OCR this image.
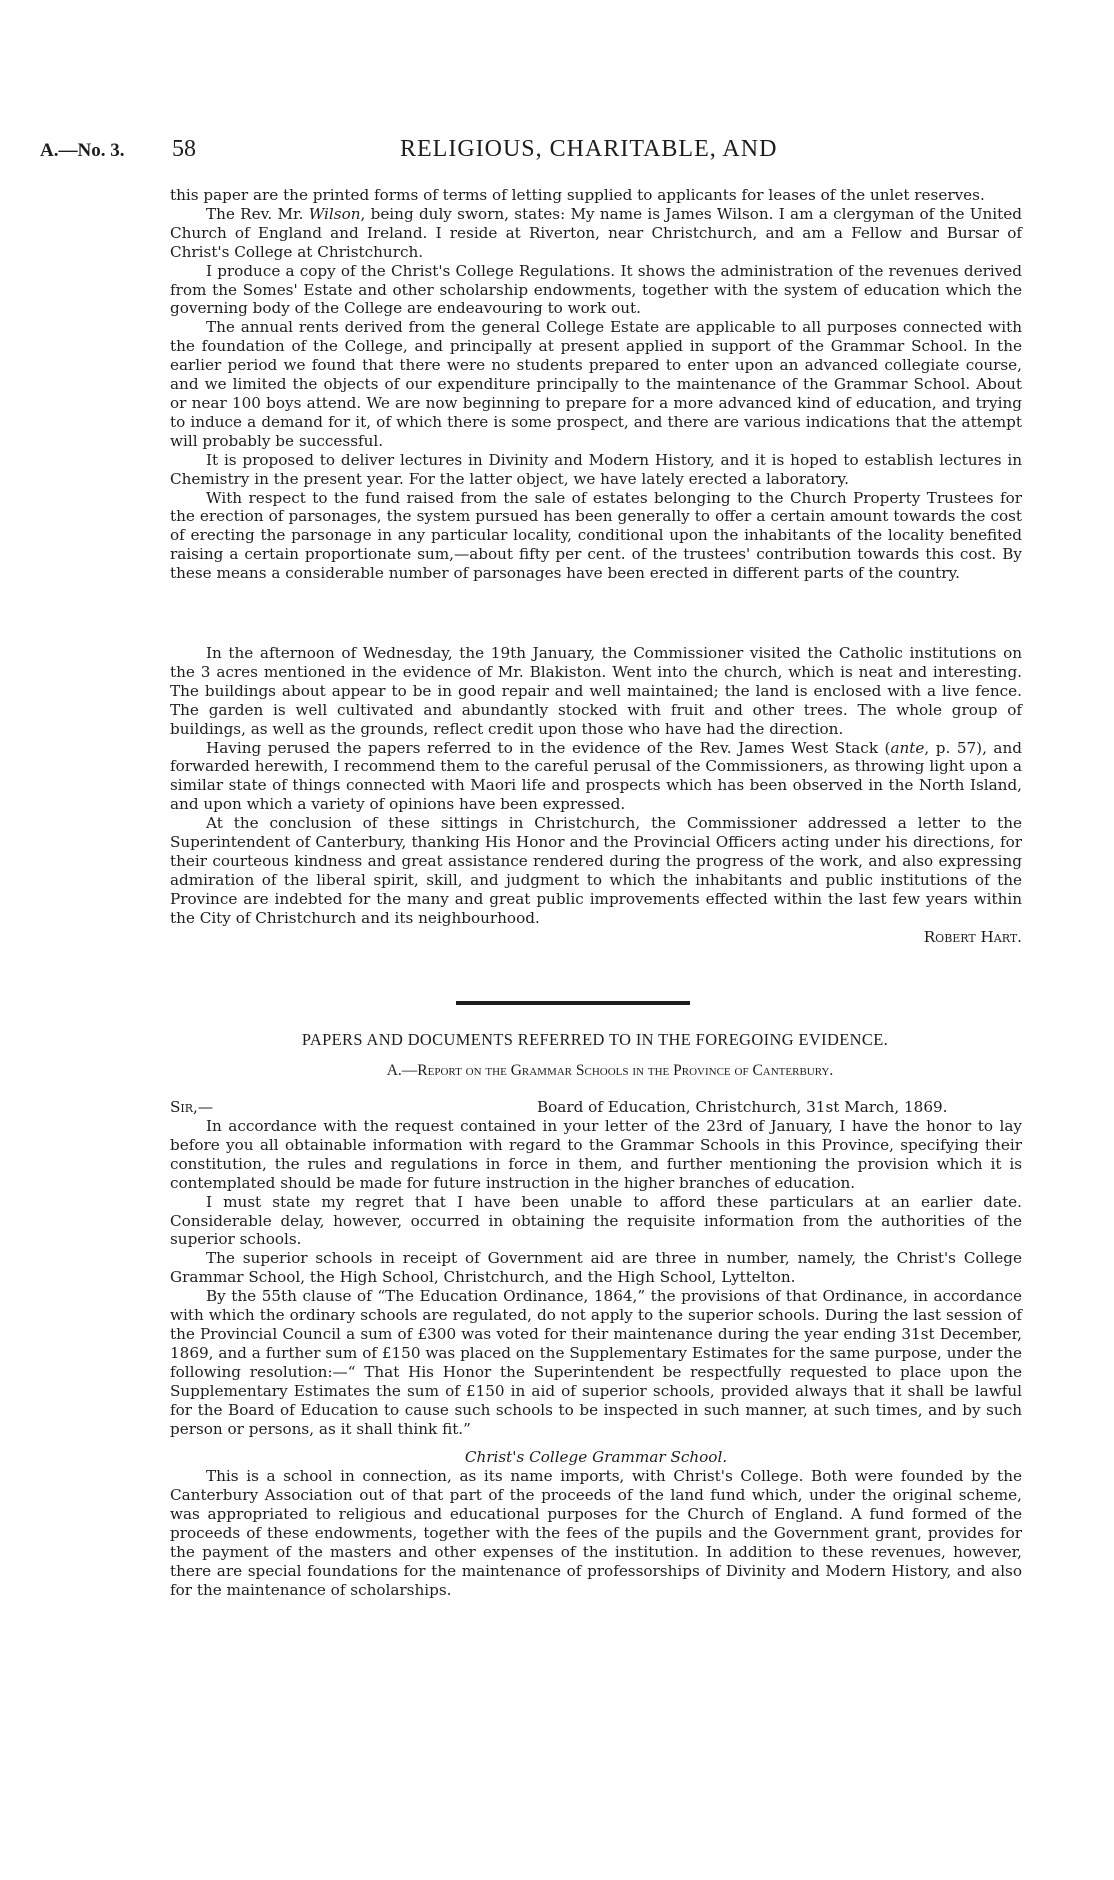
A.—No. 3. 58	RELIGIOUS, CHARITABLE, AND

this paper are the printed forms of terms of letting supplied to applicants for leases of the unlet reserves.

The Rev. Mr. Wilson, being duly sworn, states: My name is James Wilson. I am a clergyman of the United Church of England and Ireland. I reside at Riverton, near Christchurch, and am a Fellow and Bursar of Christ's College at Christchurch.

I produce a copy of the Christ's College Regulations. It shows the administration of the revenues derived from the Somes' Estate and other scholarship endowments, together with the system of education which the governing body of the College are endeavouring to work out.

The annual rents derived from the general College Estate are applicable to all purposes connected with the foundation of the College, and principally at present applied in support of the Grammar School. In the earlier period we found that there were no students prepared to enter upon an advanced collegiate course, and we limited the objects of our expenditure principally to the maintenance of the Grammar School. About or near 100 boys attend. We are now beginning to prepare for a more advanced kind of education, and trying to induce a demand for it, of which there is some prospect, and there are various indications that the attempt will probably be successful.

It is proposed to deliver lectures in Divinity and Modern History, and it is hoped to establish lectures in Chemistry in the present year. For the latter object, we have lately erected a laboratory.

With respect to the fund raised from the sale of estates belonging to the Church Property Trustees for the erection of parsonages, the system pursued has been generally to offer a certain amount towards the cost of erecting the parsonage in any particular locality, conditional upon the inhabitants of the locality benefited raising a certain proportionate sum,—about fifty per cent. of the trustees' contribution towards this cost. By these means a considerable number of parsonages have been erected in different parts of the country.

In the afternoon of Wednesday, the 19th January, the Commissioner visited the Catholic institutions on the 3 acres mentioned in the evidence of Mr. Blakiston. Went into the church, which is neat and interesting. The buildings about appear to be in good repair and well maintained; the land is enclosed with a live fence. The garden is well cultivated and abundantly stocked with fruit and other trees. The whole group of buildings, as well as the grounds, reflect credit upon those who have had the direction.

Having perused the papers referred to in the evidence of the Rev. James West Stack (ante, p. 57), and forwarded herewith, I recommend them to the careful perusal of the Commissioners, as throwing light upon a similar state of things connected with Maori life and prospects which has been observed in the North Island, and upon which a variety of opinions have been expressed.

At the conclusion of these sittings in Christchurch, the Commissioner addressed a letter to the Superintendent of Canterbury, thanking His Honor and the Provincial Officers acting under his directions, for their courteous kindness and great assistance rendered during the progress of the work, and also expressing admiration of the liberal spirit, skill, and judgment to which the inhabitants and public institutions of the Province are indebted for the many and great public improvements effected within the last few years within the City of Christchurch and its neighbourhood.

Robert Hart.
PAPERS AND DOCUMENTS REFERRED TO IN THE FOREGOING EVIDENCE.
A.—Report on the Grammar Schools in the Province of Canterbury.
Sir,—	Board of Education, Christchurch, 31st March, 1869.

In accordance with the request contained in your letter of the 23rd of January, I have the honor to lay before you all obtainable information with regard to the Grammar Schools in this Province, specifying their constitution, the rules and regulations in force in them, and further mentioning the provision which it is contemplated should be made for future instruction in the higher branches of education.

I must state my regret that I have been unable to afford these particulars at an earlier date. Considerable delay, however, occurred in obtaining the requisite information from the authorities of the superior schools.

The superior schools in receipt of Government aid are three in number, namely, the Christ's College Grammar School, the High School, Christchurch, and the High School, Lyttelton.

By the 55th clause of “The Education Ordinance, 1864,” the provisions of that Ordinance, in accordance with which the ordinary schools are regulated, do not apply to the superior schools. During the last session of the Provincial Council a sum of £300 was voted for their maintenance during the year ending 31st December, 1869, and a further sum of £150 was placed on the Supplementary Estimates for the same purpose, under the following resolution:—“ That His Honor the Superintendent be respectfully requested to place upon the Supplementary Estimates the sum of £150 in aid of superior schools, provided always that it shall be lawful for the Board of Education to cause such schools to be inspected in such manner, at such times, and by such person or persons, as it shall think fit.”

Christ's College Grammar School.

This is a school in connection, as its name imports, with Christ's College. Both were founded by the Canterbury Association out of that part of the proceeds of the land fund which, under the original scheme, was appropriated to religious and educational purposes for the Church of England. A fund formed of the proceeds of these endowments, together with the fees of the pupils and the Government grant, provides for the payment of the masters and other expenses of the institution. In addition to these revenues, however, there are special foundations for the maintenance of professorships of Divinity and Modern History, and also for the maintenance of scholarships.
